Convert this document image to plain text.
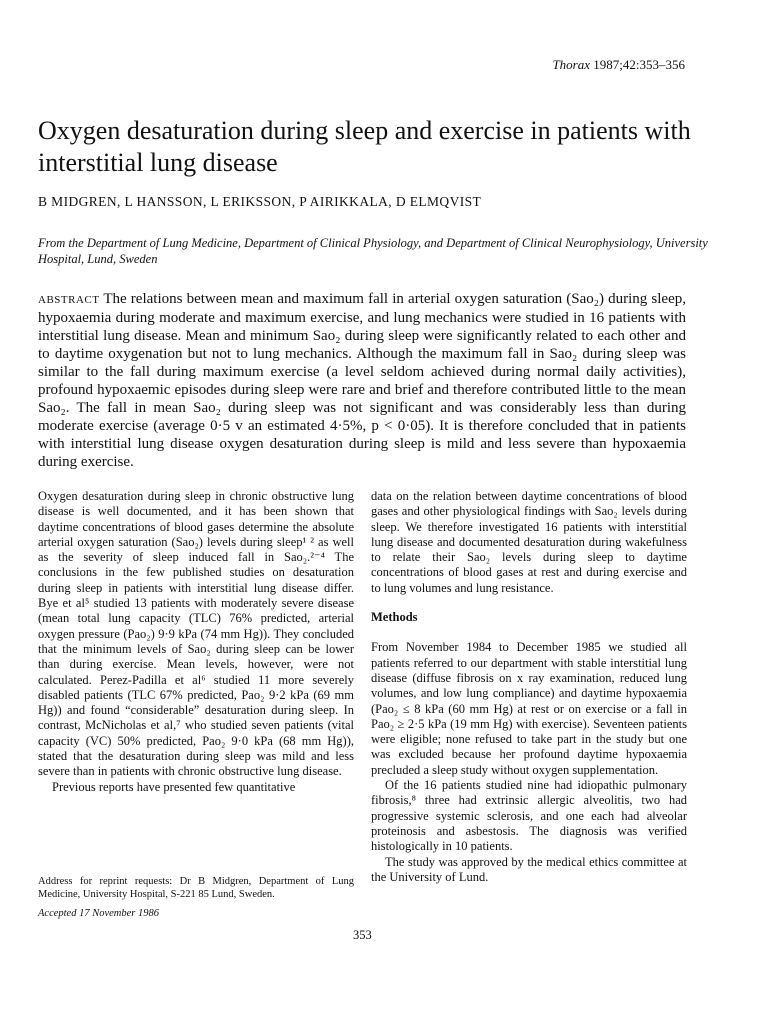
Thorax 1987;42:353–356
Oxygen desaturation during sleep and exercise in patients with interstitial lung disease
B MIDGREN, L HANSSON, L ERIKSSON, P AIRIKKALA, D ELMQVIST
From the Department of Lung Medicine, Department of Clinical Physiology, and Department of Clinical Neurophysiology, University Hospital, Lund, Sweden
ABSTRACT The relations between mean and maximum fall in arterial oxygen saturation (Sao₂) during sleep, hypoxaemia during moderate and maximum exercise, and lung mechanics were studied in 16 patients with interstitial lung disease. Mean and minimum Sao₂ during sleep were significantly related to each other and to daytime oxygenation but not to lung mechanics. Although the maximum fall in Sao₂ during sleep was similar to the fall during maximum exercise (a level seldom achieved during normal daily activities), profound hypoxaemic episodes during sleep were rare and brief and therefore contributed little to the mean Sao₂. The fall in mean Sao₂ during sleep was not significant and was considerably less than during moderate exercise (average 0·5 v an estimated 4·5%, p < 0·05). It is therefore concluded that in patients with interstitial lung disease oxygen desaturation during sleep is mild and less severe than hypoxaemia during exercise.

Oxygen desaturation during sleep in chronic obstructive lung disease is well documented, and it has been shown that daytime concentrations of blood gases determine the absolute arterial oxygen saturation (Sao₂) levels during sleep¹ ² as well as the severity of sleep induced fall in Sao₂.²⁻⁴ The conclusions in the few published studies on desaturation during sleep in patients with interstitial lung disease differ. Bye et al⁵ studied 13 patients with moderately severe disease (mean total lung capacity (TLC) 76% predicted, arterial oxygen pressure (Pao₂) 9·9 kPa (74 mm Hg)). They concluded that the minimum levels of Sao₂ during sleep can be lower than during exercise. Mean levels, however, were not calculated. Perez-Padilla et al⁶ studied 11 more severely disabled patients (TLC 67% predicted, Pao₂ 9·2 kPa (69 mm Hg)) and found “considerable” desaturation during sleep. In contrast, McNicholas et al,⁷ who studied seven patients (vital capacity (VC) 50% predicted, Pao₂ 9·0 kPa (68 mm Hg)), stated that the desaturation during sleep was mild and less severe than in patients with chronic obstructive lung disease.

Previous reports have presented few quantitative

data on the relation between daytime concentrations of blood gases and other physiological findings with Sao₂ levels during sleep. We therefore investigated 16 patients with interstitial lung disease and documented desaturation during wakefulness to relate their Sao₂ levels during sleep to daytime concentrations of blood gases at rest and during exercise and to lung volumes and lung resistance.

Methods

From November 1984 to December 1985 we studied all patients referred to our department with stable interstitial lung disease (diffuse fibrosis on x ray examination, reduced lung volumes, and low lung compliance) and daytime hypoxaemia (Pao₂ ≤ 8 kPa (60 mm Hg) at rest or on exercise or a fall in Pao₂ ≥ 2·5 kPa (19 mm Hg) with exercise). Seventeen patients were eligible; none refused to take part in the study but one was excluded because her profound daytime hypoxaemia precluded a sleep study without oxygen supplementation.

Of the 16 patients studied nine had idiopathic pulmonary fibrosis,⁸ three had extrinsic allergic alveolitis, two had progressive systemic sclerosis, and one each had alveolar proteinosis and asbestosis. The diagnosis was verified histologically in 10 patients.

The study was approved by the medical ethics committee at the University of Lund.

Address for reprint requests: Dr B Midgren, Department of Lung Medicine, University Hospital, S-221 85 Lund, Sweden.
Accepted 17 November 1986
353
